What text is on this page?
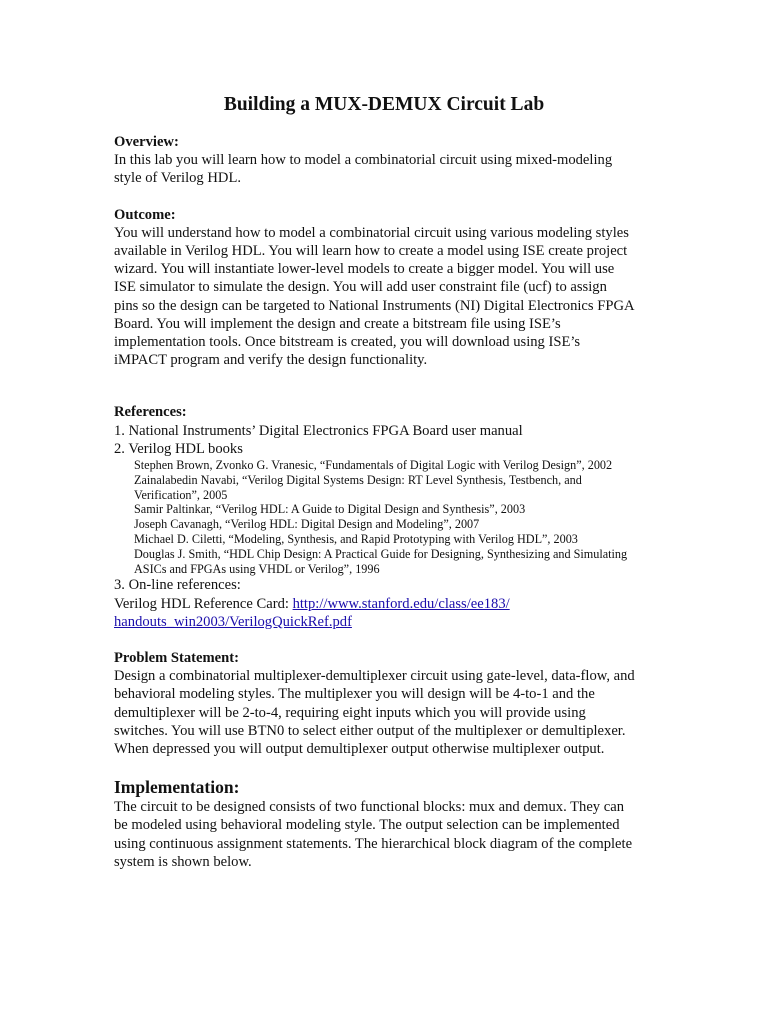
Building a MUX-DEMUX Circuit Lab
Overview:
In this lab you will learn how to model a combinatorial circuit using mixed-modeling
style of Verilog HDL.
Outcome:
You will understand how to model a combinatorial circuit using various modeling styles
available in Verilog HDL. You will learn how to create a model using ISE create project
wizard. You will instantiate lower-level models to create a bigger model. You will use
ISE simulator to simulate the design. You will add user constraint file (ucf) to assign
pins so the design can be targeted to National Instruments (NI) Digital Electronics FPGA
Board. You will implement the design and create a bitstream file using ISE’s
implementation tools. Once bitstream is created, you will download using ISE’s
iMPACT program and verify the design functionality.
References:
1. National Instruments’ Digital Electronics FPGA Board user manual
2. Verilog HDL books
Stephen Brown, Zvonko G. Vranesic, “Fundamentals of Digital Logic with Verilog Design”, 2002
Zainalabedin Navabi, “Verilog Digital Systems Design: RT Level Synthesis, Testbench, and
Verification”, 2005
Samir Paltinkar, “Verilog HDL: A Guide to Digital Design and Synthesis”, 2003
Joseph Cavanagh, “Verilog HDL: Digital Design and Modeling”, 2007
Michael D. Ciletti, “Modeling, Synthesis, and Rapid Prototyping with Verilog HDL”, 2003
Douglas J. Smith, “HDL Chip Design: A Practical Guide for Designing, Synthesizing and Simulating
ASICs and FPGAs using VHDL or Verilog”, 1996
3. On-line references:
Verilog HDL Reference Card: http://www.stanford.edu/class/ee183/
handouts_win2003/VerilogQuickRef.pdf
Problem Statement:
Design a combinatorial multiplexer-demultiplexer circuit using gate-level, data-flow, and
behavioral modeling styles. The multiplexer you will design will be 4-to-1 and the
demultiplexer will be 2-to-4, requiring eight inputs which you will provide using
switches. You will use BTN0 to select either output of the multiplexer or demultiplexer.
When depressed you will output demultiplexer output otherwise multiplexer output.
Implementation:
The circuit to be designed consists of two functional blocks: mux and demux. They can
be modeled using behavioral modeling style. The output selection can be implemented
using continuous assignment statements. The hierarchical block diagram of the complete
system is shown below.
